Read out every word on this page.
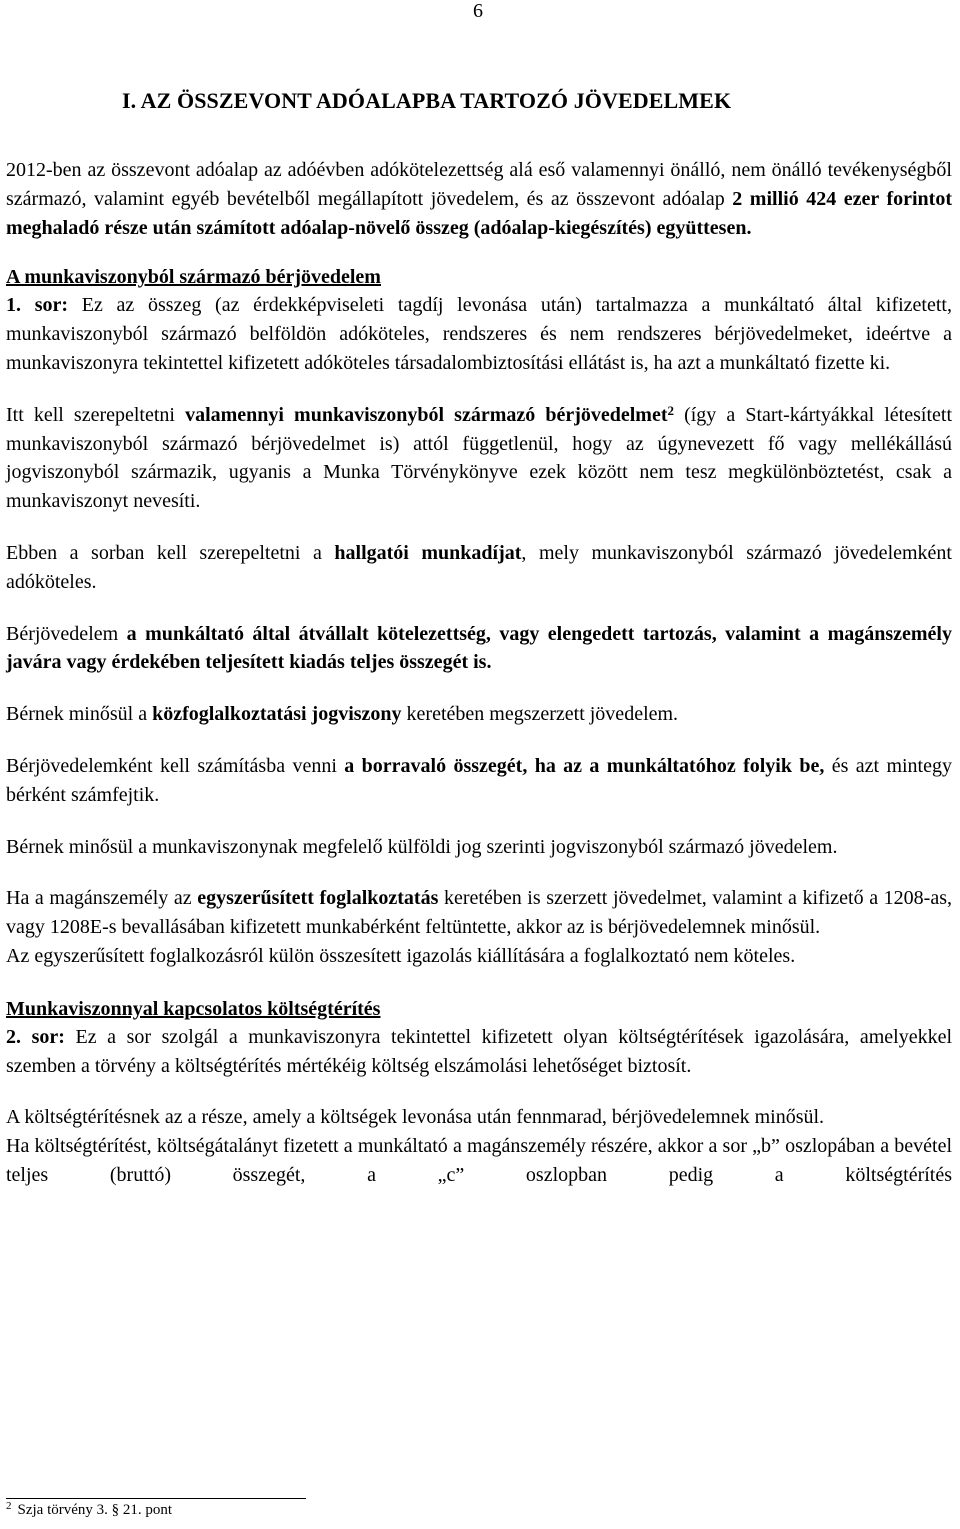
6
I. AZ ÖSSZEVONT ADÓALAPBA TARTOZÓ JÖVEDELMEK

2012-ben az összevont adóalap az adóévben adókötelezettség alá eső valamennyi önálló, nem önálló tevékenységből származó, valamint egyéb bevételből megállapított jövedelem, és az összevont adóalap 2 millió 424 ezer forintot meghaladó része után számított adóalap-növelő összeg (adóalap-kiegészítés) együttesen.

A munkaviszonyból származó bérjövedelem

1. sor: Ez az összeg (az érdekképviseleti tagdíj levonása után) tartalmazza a munkáltató által kifizetett, munkaviszonyból származó belföldön adóköteles, rendszeres és nem rendszeres bérjövedelmeket, ideértve a munkaviszonyra tekintettel kifizetett adóköteles társadalombiztosítási ellátást is, ha azt a munkáltató fizette ki.

Itt kell szerepeltetni valamennyi munkaviszonyból származó bérjövedelmet$^2$ (így a Start-kártyákkal létesített munkaviszonyból származó bérjövedelmet is) attól függetlenül, hogy az úgynevezett fő vagy mellékállású jogviszonyból származik, ugyanis a Munka Törvénykönyve ezek között nem tesz megkülönböztetést, csak a munkaviszonyt nevesíti.

Ebben a sorban kell szerepeltetni a hallgatói munkadíjat, mely munkaviszonyból származó jövedelemként adóköteles.

Bérjövedelem a munkáltató által átvállalt kötelezettség, vagy elengedett tartozás, valamint a magánszemély javára vagy érdekében teljesített kiadás teljes összegét is.

Bérnek minősül a közfoglalkoztatási jogviszony keretében megszerzett jövedelem.

Bérjövedelemként kell számításba venni a borravaló összegét, ha az a munkáltatóhoz folyik be, és azt mintegy bérként számfejtik.

Bérnek minősül a munkaviszonynak megfelelő külföldi jog szerinti jogviszonyból származó jövedelem.

Ha a magánszemély az egyszerűsített foglalkoztatás keretében is szerzett jövedelmet, valamint a kifizető a 1208-as, vagy 1208E-s bevallásában kifizetett munkabérként feltüntette, akkor az is bérjövedelemnek minősül.

Az egyszerűsített foglalkozásról külön összesített igazolás kiállítására a foglalkoztató nem köteles.

Munkaviszonnyal kapcsolatos költségtérítés

2. sor: Ez a sor szolgál a munkaviszonyra tekintettel kifizetett olyan költségtérítések igazolására, amelyekkel szemben a törvény a költségtérítés mértékéig költség elszámolási lehetőséget biztosít.

A költségtérítésnek az a része, amely a költségek levonása után fennmarad, bérjövedelemnek minősül.

Ha költségtérítést, költségátalányt fizetett a munkáltató a magánszemély részére, akkor a sor „b” oszlopában a bevétel teljes (bruttó) összegét, a „c” oszlopban pedig a költségtérítés

$^2$ Szja törvény 3. § 21. pont
